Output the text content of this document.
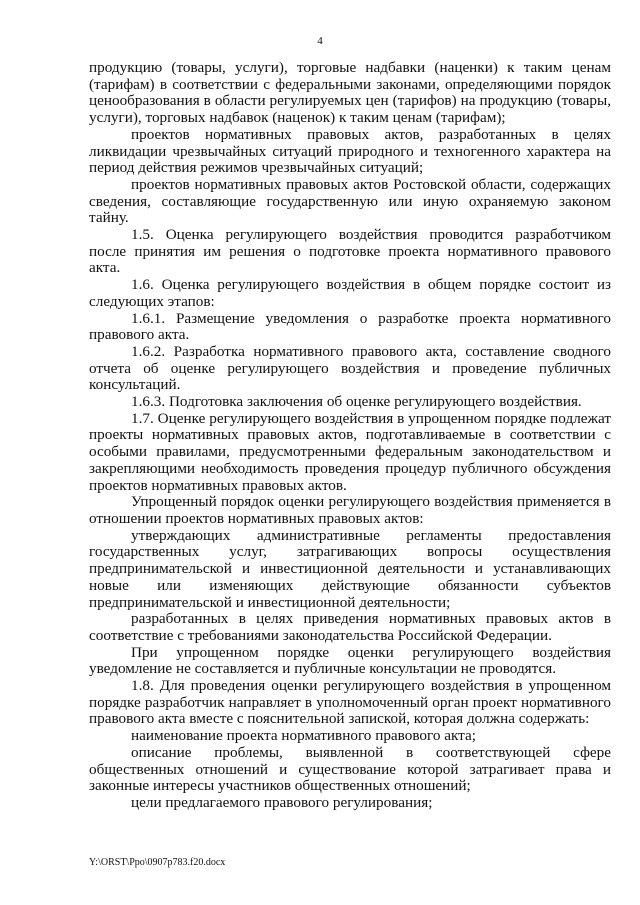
4

продукцию (товары, услуги), торговые надбавки (наценки) к таким ценам (тарифам) в соответствии с федеральными законами, определяющими порядок ценообразования в области регулируемых цен (тарифов) на продукцию (товары, услуги), торговых надбавок (наценок) к таким ценам (тарифам);

проектов нормативных правовых актов, разработанных в целях ликвидации чрезвычайных ситуаций природного и техногенного характера на период действия режимов чрезвычайных ситуаций;

проектов нормативных правовых актов Ростовской области, содержащих сведения, составляющие государственную или иную охраняемую законом тайну.

1.5. Оценка регулирующего воздействия проводится разработчиком после принятия им решения о подготовке проекта нормативного правового акта.

1.6. Оценка регулирующего воздействия в общем порядке состоит из следующих этапов:

1.6.1. Размещение уведомления о разработке проекта нормативного правового акта.

1.6.2. Разработка нормативного правового акта, составление сводного отчета об оценке регулирующего воздействия и проведение публичных консультаций.

1.6.3. Подготовка заключения об оценке регулирующего воздействия.

1.7. Оценке регулирующего воздействия в упрощенном порядке подлежат проекты нормативных правовых актов, подготавливаемые в соответствии с особыми правилами, предусмотренными федеральным законодательством и закрепляющими необходимость проведения процедур публичного обсуждения проектов нормативных правовых актов.

Упрощенный порядок оценки регулирующего воздействия применяется в отношении проектов нормативных правовых актов:

утверждающих административные регламенты предоставления государственных услуг, затрагивающих вопросы осуществления предпринимательской и инвестиционной деятельности и устанавливающих новые или изменяющих действующие обязанности субъектов предпринимательской и инвестиционной деятельности;

разработанных в целях приведения нормативных правовых актов в соответствие с требованиями законодательства Российской Федерации.

При упрощенном порядке оценки регулирующего воздействия уведомление не составляется и публичные консультации не проводятся.

1.8. Для проведения оценки регулирующего воздействия в упрощенном порядке разработчик направляет в уполномоченный орган проект нормативного правового акта вместе с пояснительной запиской, которая должна содержать:

наименование проекта нормативного правового акта;

описание проблемы, выявленной в соответствующей сфере общественных отношений и существование которой затрагивает права и законные интересы участников общественных отношений;

цели предлагаемого правового регулирования;

Y:\ORST\Ppo\0907p783.f20.docx
